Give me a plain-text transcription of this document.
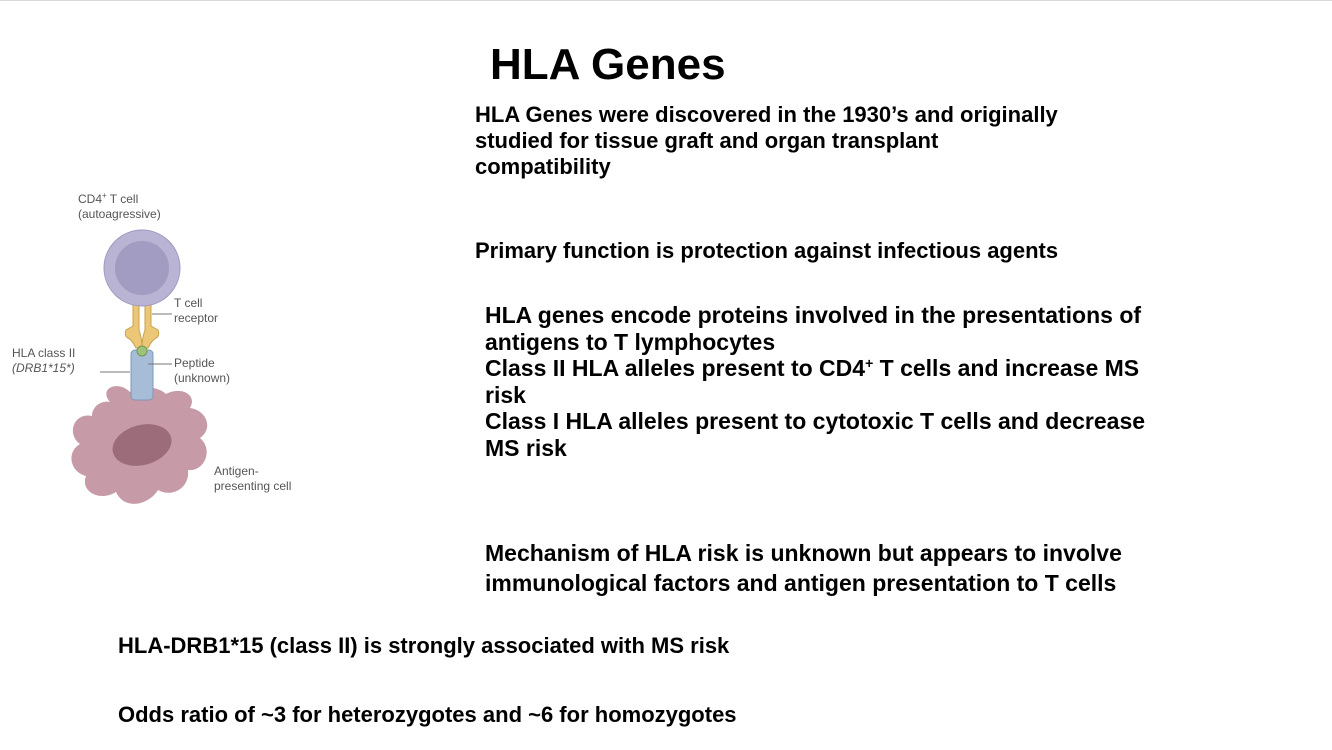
HLA Genes
HLA Genes were discovered in the 1930’s and originally
studied for tissue graft and organ transplant
compatibility
Primary function is protection against infectious agents
HLA genes encode proteins involved in the presentations of
antigens to T lymphocytes
Class II HLA alleles present to CD4+ T cells and increase MS
risk
Class I HLA alleles present to cytotoxic T cells and decrease
MS risk
Mechanism of HLA risk is unknown but appears to involve
immunological factors and antigen presentation to T cells
HLA-DRB1*15 (class II) is strongly associated with MS risk
Odds ratio of ~3 for heterozygotes and ~6 for homozygotes
CD4+ T cell
(autoagressive)
T cell
receptor
HLA class II
(DRB1*15*)	Peptide
(unknown)
Antigen-
presenting cell
